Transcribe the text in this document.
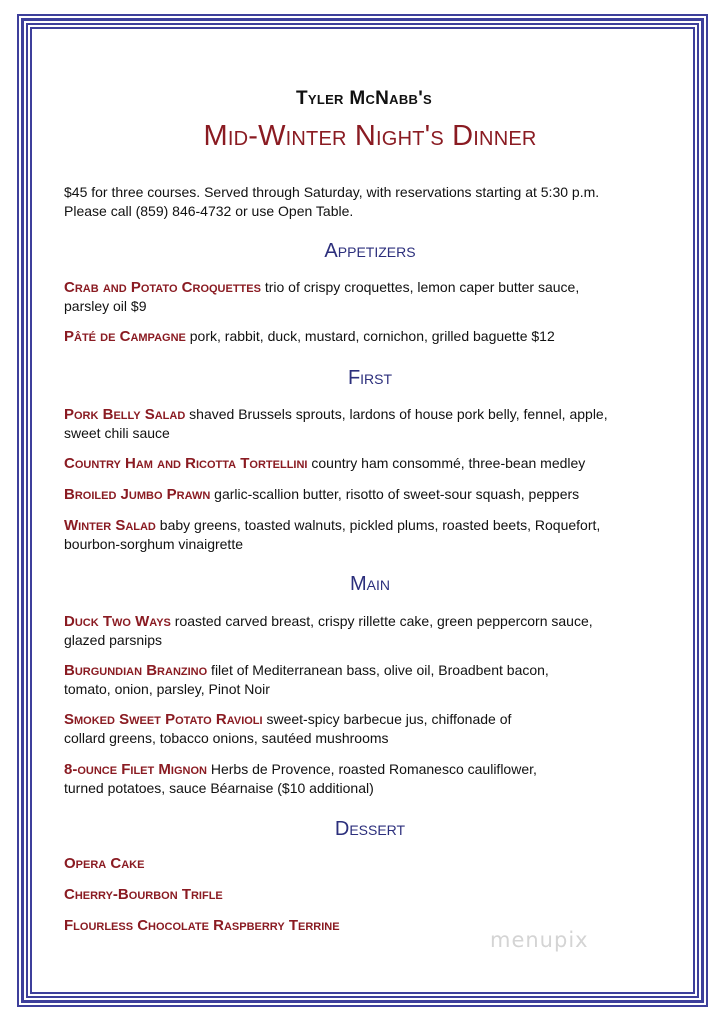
Tyler McNabb's
Mid-Winter Night's Dinner
$45 for three courses. Served through Saturday, with reservations starting at 5:30 p.m.
Please call (859) 846-4732 or use Open Table.
Appetizers
Crab and Potato Croquettes trio of crispy croquettes, lemon caper butter sauce,
parsley oil $9
Pâté de Campagne pork, rabbit, duck, mustard, cornichon, grilled baguette $12
First
Pork Belly Salad shaved Brussels sprouts, lardons of house pork belly, fennel, apple,
sweet chili sauce
Country Ham and Ricotta Tortellini country ham consommé, three-bean medley
Broiled Jumbo Prawn garlic-scallion butter, risotto of sweet-sour squash, peppers
Winter Salad baby greens, toasted walnuts, pickled plums, roasted beets, Roquefort,
bourbon-sorghum vinaigrette
Main
Duck Two Ways roasted carved breast, crispy rillette cake, green peppercorn sauce,
glazed parsnips
Burgundian Branzino filet of Mediterranean bass, olive oil, Broadbent bacon,
tomato, onion, parsley, Pinot Noir
Smoked Sweet Potato Ravioli sweet-spicy barbecue jus, chiffonade of
collard greens, tobacco onions, sautéed mushrooms
8-ounce Filet Mignon Herbs de Provence, roasted Romanesco cauliflower,
turned potatoes, sauce Béarnaise ($10 additional)
Dessert
Opera Cake
Cherry-Bourbon Trifle
Flourless Chocolate Raspberry Terrine
menupix
